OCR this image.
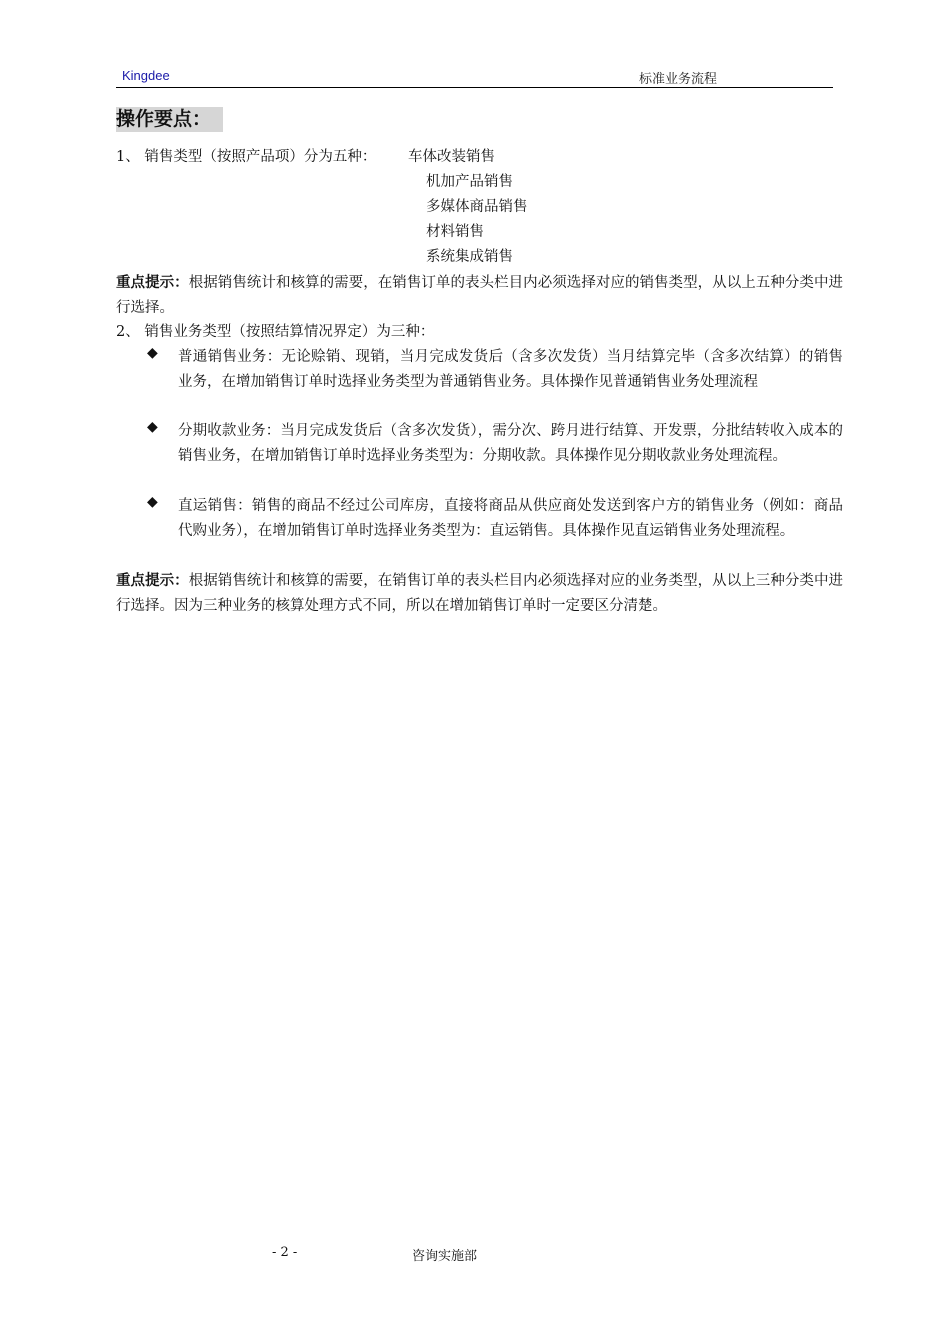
Kingdee	标准业务流程
操作要点：
1、 销售类型（按照产品项）分为五种： 车体改装销售
机加产品销售
多媒体商品销售
材料销售
系统集成销售
重点提示：根据销售统计和核算的需要，在销售订单的表头栏目内必须选择对应的销售类型，从以上五种分类中进行选择。
2、 销售业务类型（按照结算情况界定）为三种：
◆ 普通销售业务：无论赊销、现销，当月完成发货后（含多次发货）当月结算完毕（含多次结算）的销售业务，在增加销售订单时选择业务类型为普通销售业务。具体操作见普通销售业务处理流程
◆ 分期收款业务：当月完成发货后（含多次发货），需分次、跨月进行结算、开发票，分批结转收入成本的销售业务，在增加销售订单时选择业务类型为：分期收款。具体操作见分期收款业务处理流程。
◆ 直运销售：销售的商品不经过公司库房，直接将商品从供应商处发送到客户方的销售业务（例如：商品代购业务），在增加销售订单时选择业务类型为：直运销售。具体操作见直运销售业务处理流程。
重点提示：根据销售统计和核算的需要，在销售订单的表头栏目内必须选择对应的业务类型，从以上三种分类中进行选择。因为三种业务的核算处理方式不同，所以在增加销售订单时一定要区分清楚。
- 2 -	咨询实施部
